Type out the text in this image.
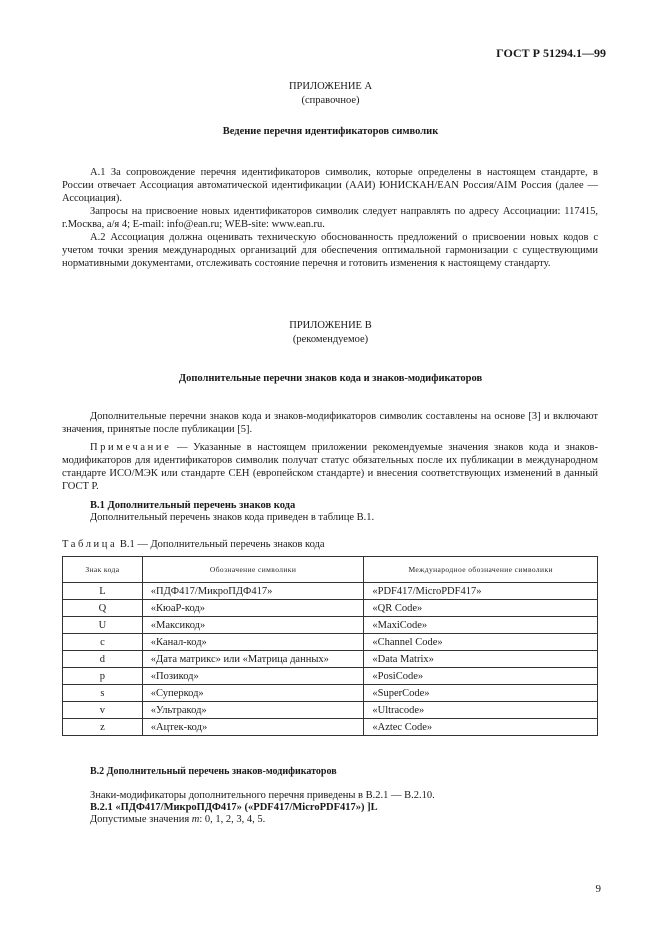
ГОСТ Р 51294.1—99
ПРИЛОЖЕНИЕ А
(справочное)
Ведение перечня идентификаторов символик
А.1 За сопровождение перечня идентификаторов символик, которые определены в настоящем стандарте, в России отвечает Ассоциация автоматической идентификации (ААИ) ЮНИСКАН/EAN Россия/AIM Россия (далее — Ассоциация).
Запросы на присвоение новых идентификаторов символик следует направлять по адресу Ассоциации: 117415, г.Москва, а/я 4; E-mail: info@ean.ru; WEB-site: www.ean.ru.
А.2 Ассоциация должна оценивать техническую обоснованность предложений о присвоении новых кодов с учетом точки зрения международных организаций для обеспечения оптимальной гармонизации с существующими нормативными документами, отслеживать состояние перечня и готовить изменения к настоящему стандарту.
ПРИЛОЖЕНИЕ В
(рекомендуемое)
Дополнительные перечни знаков кода и знаков-модификаторов
Дополнительные перечни знаков кода и знаков-модификаторов символик составлены на основе [3] и включают значения, принятые после публикации [5].
Примечание — Указанные в настоящем приложении рекомендуемые значения знаков кода и знаков-модификаторов для идентификаторов символик получат статус обязательных после их публикации в международном стандарте ИСО/МЭК или стандарте СЕН (европейском стандарте) и внесения соответствующих изменений в данный ГОСТ Р.
В.1 Дополнительный перечень знаков кода
Дополнительный перечень знаков кода приведен в таблице В.1.
Таблица В.1 — Дополнительный перечень знаков кода
Знак кода	Обозначение символики	Международное обозначение символики
L	«ПДФ417/МикроПДФ417»	«PDF417/MicroPDF417»
Q	«КюаР-код»	«QR Code»
U	«Максикод»	«MaxiCode»
c	«Канал-код»	«Channel Code»
d	«Дата матрикс» или «Матрица данных»	«Data Matrix»
p	«Позикод»	«PosiCode»
s	«Суперкод»	«SuperCode»
v	«Ультракод»	«Ultracode»
z	«Ацтек-код»	«Aztec Code»
В.2 Дополнительный перечень знаков-модификаторов
Знаки-модификаторы дополнительного перечня приведены в В.2.1 — В.2.10.
В.2.1 «ПДФ417/МикроПДФ417» («PDF417/MicroPDF417») ]L
Допустимые значения m: 0, 1, 2, 3, 4, 5.
9
